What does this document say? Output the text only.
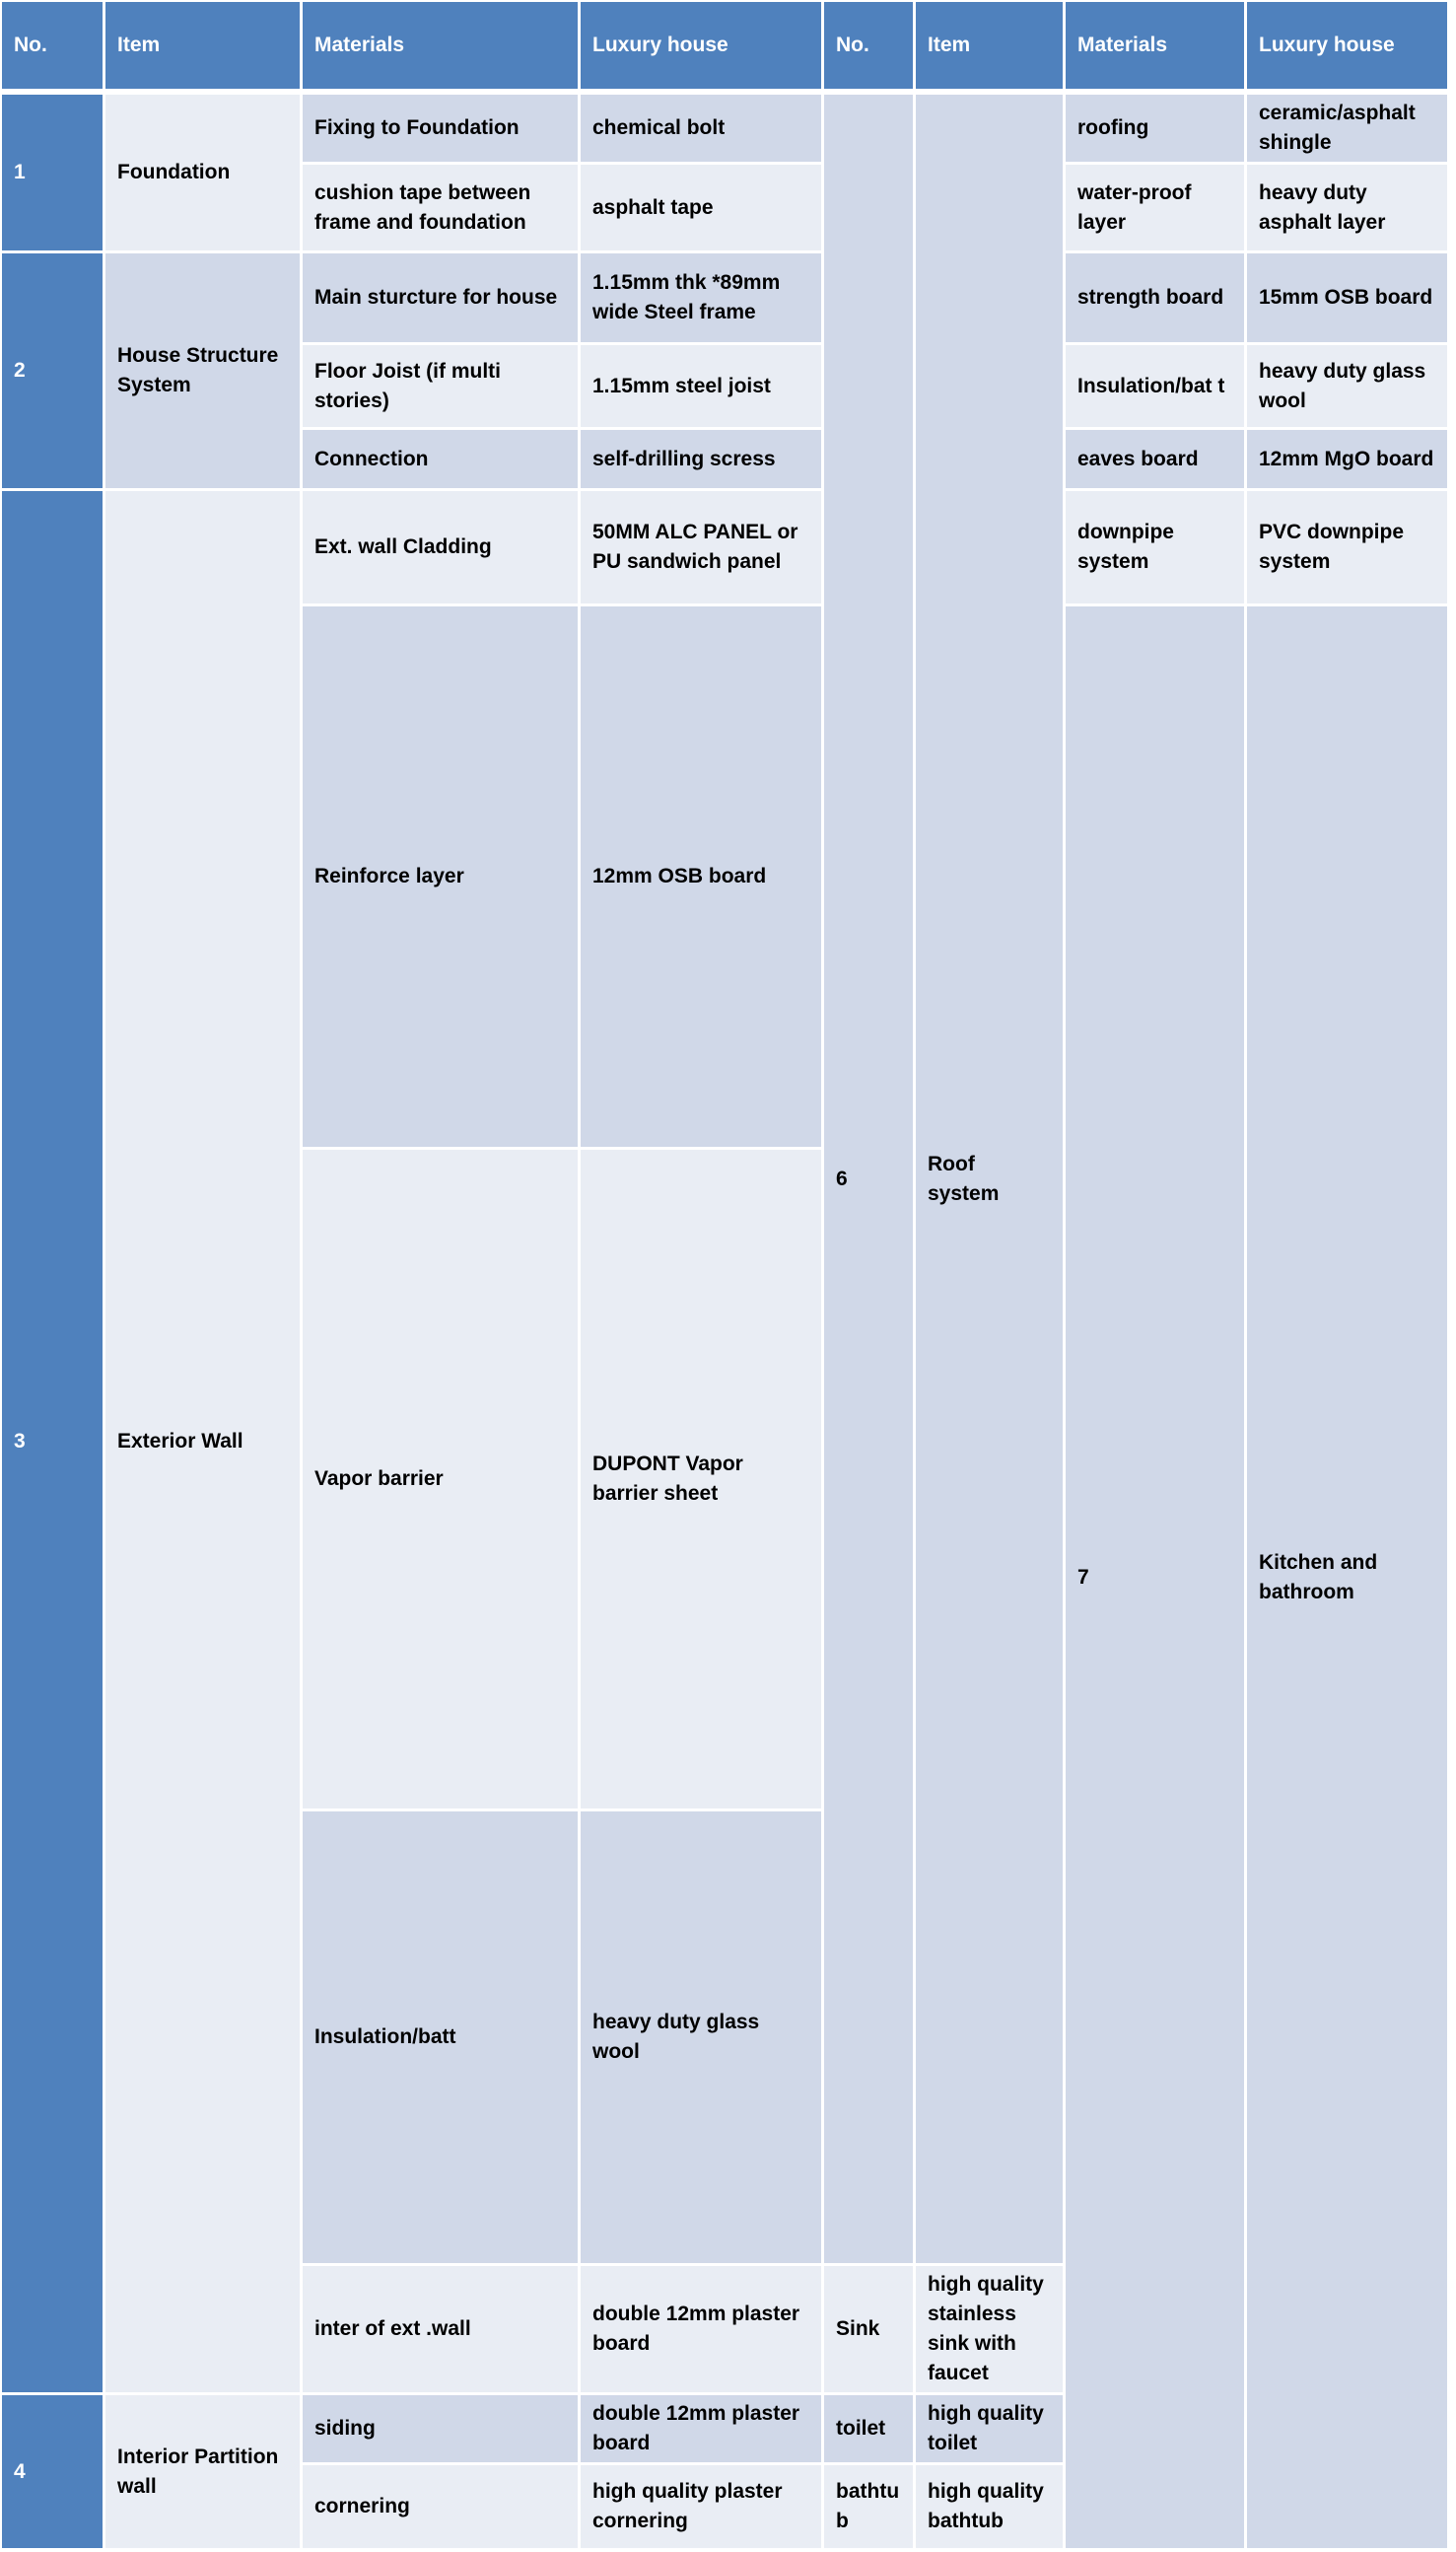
No.	Item	Materials	Luxury house	No.	Item	Materials	Luxury house		

1	Foundation	Fixing to Foundation	chemical bolt	6	Roof system	roofing	ceramic/asphalt shingle		
		cushion tape between frame and foundation	asphalt tape			water-proof layer	heavy duty asphalt layer		
2	House Structure System	Main sturcture for house	1.15mm thk *89mm wide Steel frame			strength board	15mm OSB board		
		Floor Joist (if multi stories)	1.15mm steel joist			Insulation/bat t	heavy duty glass wool		
		Connection	self-drilling scress			eaves board	12mm MgO board		
3	Exterior Wall	Ext. wall Cladding	50MM ALC PANEL or PU sandwich panel			downpipe system	PVC downpipe system		
		Reinforce layer	12mm OSB board			7	Kitchen and bathroom		
		Vapor barrier	DUPONT Vapor barrier sheet		
		Insulation/batt	heavy duty glass wool		
		inter of ext .wall	double 12mm plaster board	Sink	high quality stainless sink with faucet				
4	Interior Partition wall	siding	double 12mm plaster board	toilet	high quality toilet				
		cornering	high quality plaster cornering	bathtub	high quality bathtub				
